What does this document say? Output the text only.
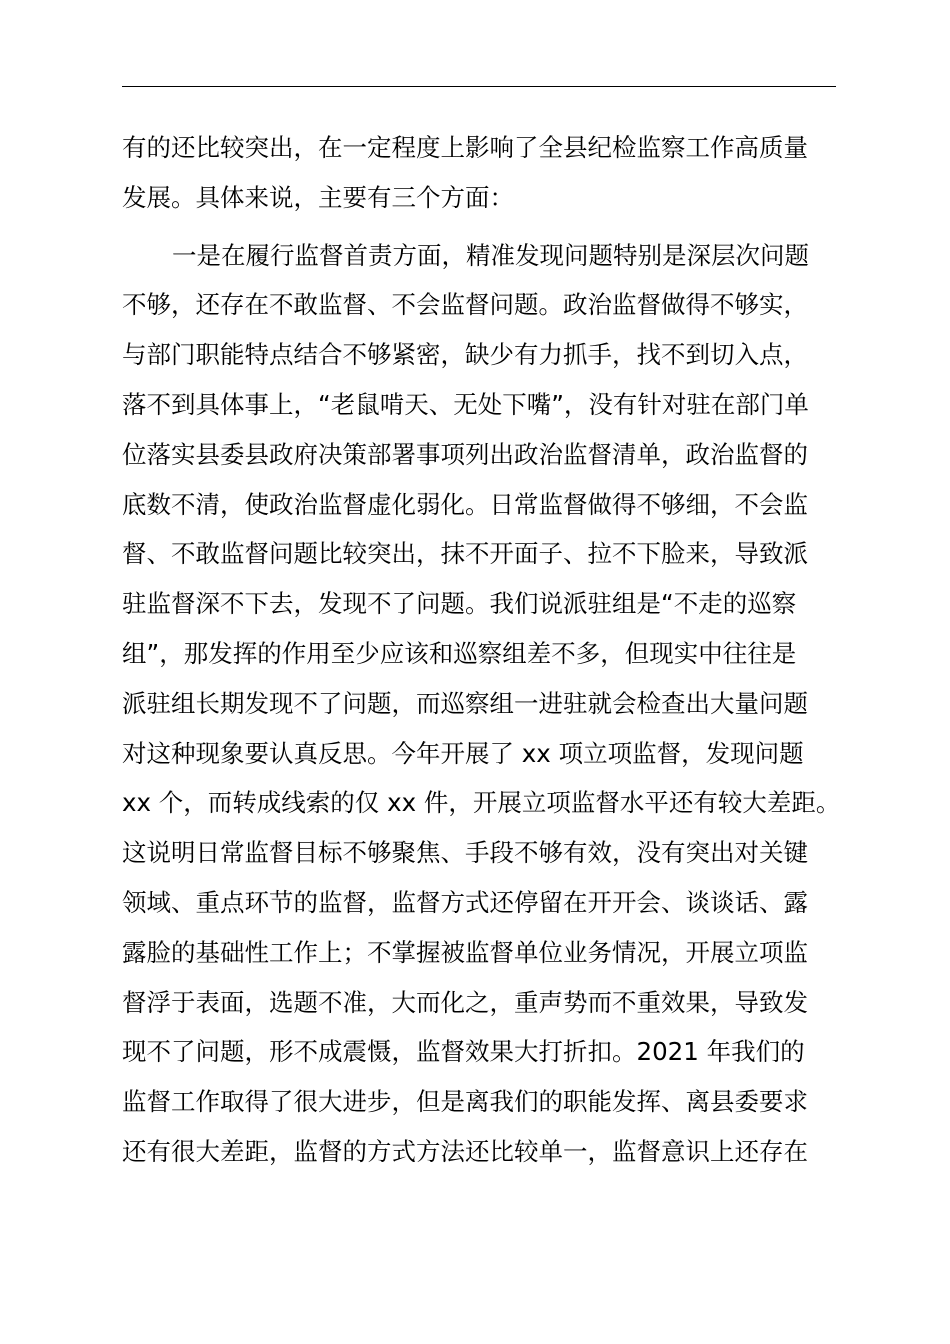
有的还比较突出，在一定程度上影响了全县纪检监察工作高质量
发展。具体来说，主要有三个方面：
一是在履行监督首责方面，精准发现问题特别是深层次问题
不够，还存在不敢监督、不会监督问题。政治监督做得不够实，
与部门职能特点结合不够紧密，缺少有力抓手，找不到切入点，
落不到具体事上，“老鼠啃天、无处下嘴”，没有针对驻在部门单
位落实县委县政府决策部署事项列出政治监督清单，政治监督的
底数不清，使政治监督虚化弱化。日常监督做得不够细，不会监
督、不敢监督问题比较突出，抹不开面子、拉不下脸来，导致派
驻监督深不下去，发现不了问题。我们说派驻组是“不走的巡察
组”，那发挥的作用至少应该和巡察组差不多，但现实中往往是
派驻组长期发现不了问题，而巡察组一进驻就会检查出大量问题
对这种现象要认真反思。今年开展了 xx 项立项监督，发现问题
xx 个，而转成线索的仅 xx 件，开展立项监督水平还有较大差距。
这说明日常监督目标不够聚焦、手段不够有效，没有突出对关键
领域、重点环节的监督，监督方式还停留在开开会、谈谈话、露
露脸的基础性工作上；不掌握被监督单位业务情况，开展立项监
督浮于表面，选题不准，大而化之，重声势而不重效果，导致发
现不了问题，形不成震慑，监督效果大打折扣。2021 年我们的
监督工作取得了很大进步，但是离我们的职能发挥、离县委要求
还有很大差距，监督的方式方法还比较单一，监督意识上还存在
